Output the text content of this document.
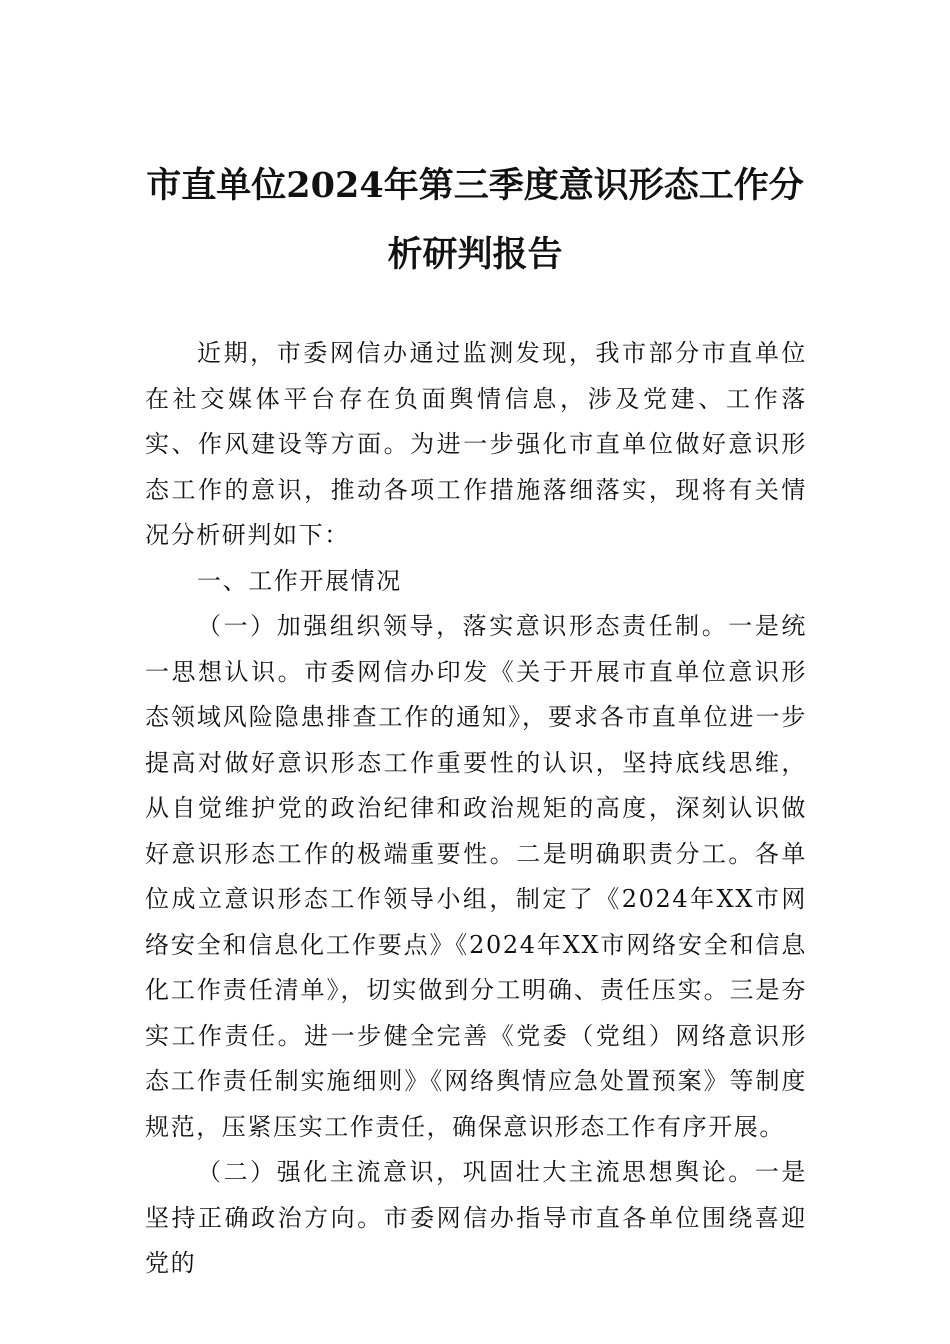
市直单位2024年第三季度意识形态工作分
析研判报告

近期，市委网信办通过监测发现，我市部分市直单位在社交媒体平台存在负面舆情信息，涉及党建、工作落实、作风建设等方面。为进一步强化市直单位做好意识形态工作的意识，推动各项工作措施落细落实，现将有关情况分析研判如下：

一、工作开展情况

（一）加强组织领导，落实意识形态责任制。一是统一思想认识。市委网信办印发《关于开展市直单位意识形态领域风险隐患排查工作的通知》，要求各市直单位进一步提高对做好意识形态工作重要性的认识，坚持底线思维，从自觉维护党的政治纪律和政治规矩的高度，深刻认识做好意识形态工作的极端重要性。二是明确职责分工。各单位成立意识形态工作领导小组，制定了《2024年XX市网络安全和信息化工作要点》《2024年XX市网络安全和信息化工作责任清单》，切实做到分工明确、责任压实。三是夯实工作责任。进一步健全完善《党委（党组）网络意识形态工作责任制实施细则》《网络舆情应急处置预案》等制度规范，压紧压实工作责任，确保意识形态工作有序开展。

（二）强化主流意识，巩固壮大主流思想舆论。一是坚持正确政治方向。市委网信办指导市直各单位围绕喜迎党的
